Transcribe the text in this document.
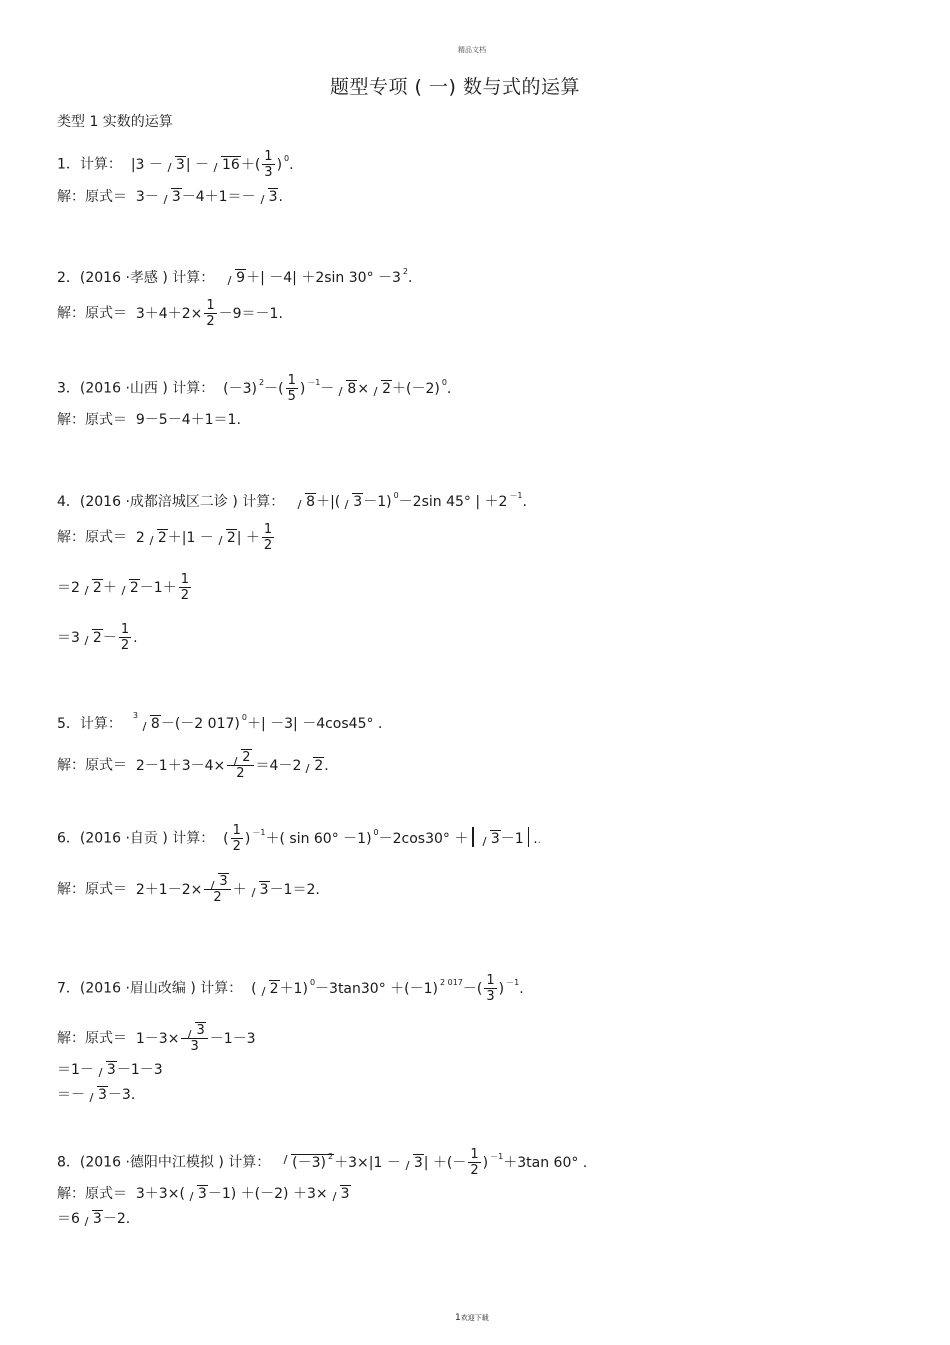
精品文档
题型专项 ( 一) 数与式的运算
类型 1 实数的运算
1．计算：  $|3 - 3| - 16+( \frac{1}{3}$ ) $^0$.
解：原式＝  3－ 3－4＋1＝－ 3.
2．(2016 ·孝感 ) 计算： 9＋| －4| ＋2sin 30° －3 $^2$.
解：原式＝  $3+4+2\times \frac{1}{2} -9=-1$.
3．(2016 ·山西 ) 计算：  (－3) $^2-( \frac{1}{5}$ ) $^{-1}$－ 8× 2＋(－2) $^0$.
解：原式＝  9－5－4＋1＝1.
4．(2016 ·成都涪城区二诊 ) 计算： 8＋|( 3－1) $^0$－2sin 45° | ＋2 $^{-1}$.
解：原式＝  2 $2+|1 - 2| + \frac{1}{2}$
＝2 $2+ 2-1+ \frac{1}{2}$
＝3 $2- \frac{1}{2}$ .
5．计算：  $^3$8－(－2 017) $^0$＋| －3| －4cos45° .
解：原式＝  $2-1+3-4\times \frac{2}{2} =4-2$ 2.
6．(2016 ·自贡 ) 计算：  ( $\frac{1}{2}$ ) $^{-1}$＋( sin 60° －1) $^0$－2cos30° ＋ 3－1 ..
解：原式＝  $2+1-2\times \frac{3}{2} + 3-1=2$.
7．(2016 ·眉山改编 ) 计算：  ( 2＋1) $^0$－3tan30° ＋(－1) $^{2 017}-( \frac{1}{3}$ ) $^{-1}$.
解：原式＝  $1-3\times \frac{3}{3} -1-3$
＝1－ 3－1－3
＝－ 3－3.
8．(2016 ·德阳中江模拟 ) 计算： (－3) $^2$＋3×|1 － 3| ＋(－ $\frac{1}{2}$ ) $^{-1}$＋3tan 60° .
解：原式＝  3＋3×( 3－1) ＋(－2) ＋3× 3
＝6 3－2.
1欢迎下载
